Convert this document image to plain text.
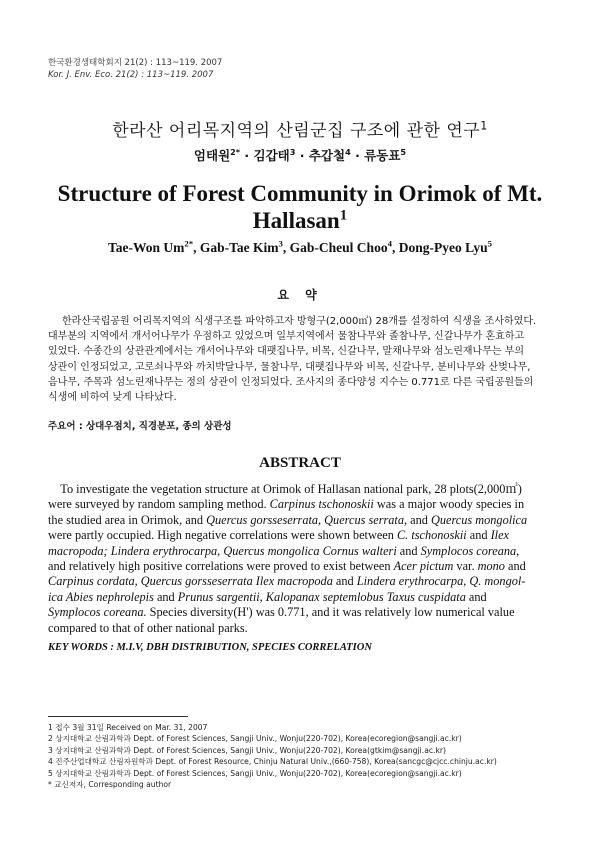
한국환경생태학회지 21(2) : 113~119. 2007
Kor. J. Env. Eco. 21(2) : 113~119. 2007
한라산 어리목지역의 산림군집 구조에 관한 연구$^1$
엄태원$^{2*}$ · 김갑태$^3$ · 추갑철$^4$ · 류동표$^5$
Structure of Forest Community in Orimok of Mt.
Hallasan$^1$
Tae-Won $Um^{2*}$, Gab-Tae Kim$^3$, Gab-Cheul Choo$^4$, Dong-Pyeo Lyu$^5$
요 약
한라산국립공원 어리목지역의 식생구조를 파악하고자 방형구(2,000㎡) 28개를 설정하여 식생을 조사하였다.
대부분의 지역에서 개서어나무가 우점하고 있었으며 일부지역에서 물참나무와 졸참나무, 신갈나무가 혼효하고
있었다. 수종간의 상관관계에서는 개서어나무와 대팻집나무, 비목, 신갈나무, 말채나무와 섬노린재나무는 부의
상관이 인정되었고, 고로쇠나무와 까치박달나무, 물참나무, 대팻집나무와 비목, 신갈나무, 분비나무와 산벚나무,
음나무, 주목과 섬노린재나무는 정의 상관이 인정되었다. 조사지의 종다양성 지수는 0.771로 다른 국립공원들의
식생에 비하여 낮게 나타났다.
주요어 : 상대우점치, 직경분포, 종의 상관성
ABSTRACT
To investigate the vegetation structure at Orimok of Hallasan national park, 28 plots(2,000㎡)
were surveyed by random sampling method. Carpinus tschonoskii was a major woody species in
the studied area in Orimok, and Quercus gorsseserrata, Quercus serrata, and Quercus mongolica
were partly occupied. High negative correlations were shown between C. tschonoskii and Ilex
macropoda; Lindera erythrocarpa, Quercus mongolica Cornus walteri and Symplocos coreana,
and relatively high positive correlations were proved to exist between Acer pictum var. mono and
Carpinus cordata, Quercus gorsseserrata Ilex macropoda and Lindera erythrocarpa, Q. mongol-
ica Abies nephrolepis and Prunus sargentii, Kalopanax septemlobus Taxus cuspidata and
Symplocos coreana. Species diversity(H') was 0.771, and it was relatively low numerical value
compared to that of other national parks.
KEY WORDS : M.I.V, DBH DISTRIBUTION, SPECIES CORRELATION
1 접수 3월 31일 Received on Mar. 31, 2007
2 상지대학교 산림과학과 Dept. of Forest Sciences, Sangji Univ., Wonju(220-702), Korea(ecoregion@sangji.ac.kr)
3 상지대학교 산림과학과 Dept. of Forest Sciences, Sangji Univ., Wonju(220-702), Korea(gtkim@sangji.ac.kr)
4 진주산업대학교 산림자원학과 Dept. of Forest Resource, Chinju Natural Univ.,(660-758), Korea(sancgc@cjcc.chinju.ac.kr)
5 상지대학교 산림과학과 Dept. of Forest Sciences, Sangji Univ., Wonju(220-702), Korea(ecoregion@sangji.ac.kr)
* 교신저자, Corresponding author
